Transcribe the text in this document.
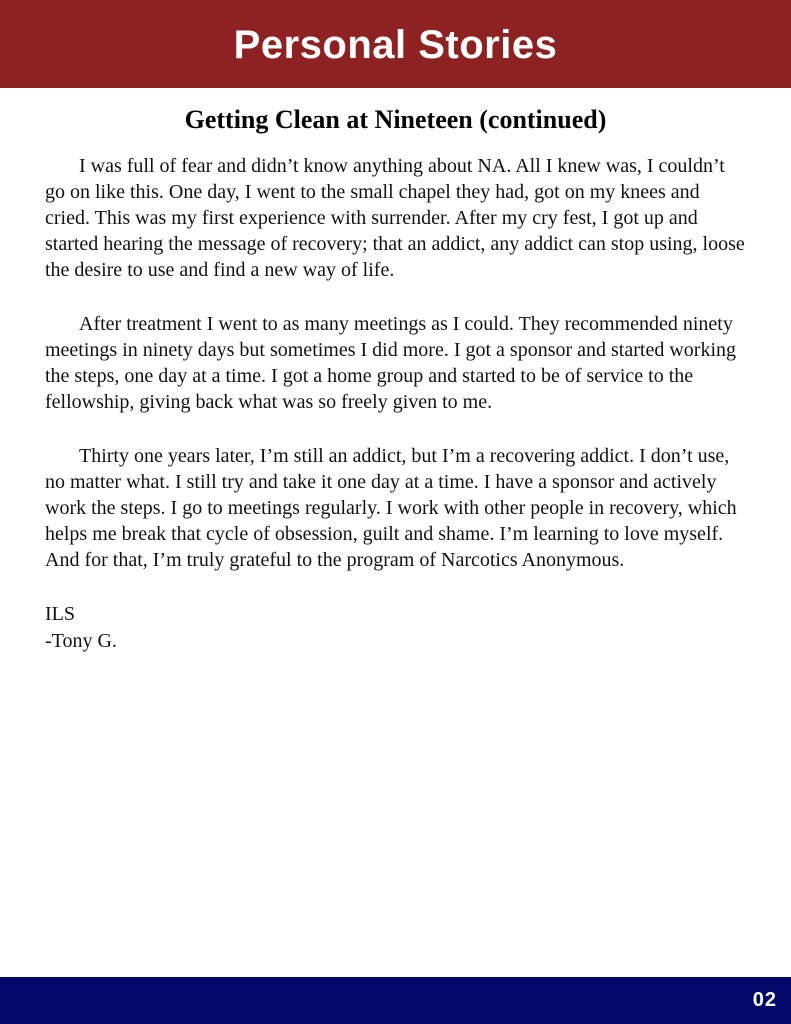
Personal Stories
Getting Clean at Nineteen (continued)

I was full of fear and didn’t know anything about NA. All I knew was, I couldn’t go on like this. One day, I went to the small chapel they had, got on my knees and cried. This was my first experience with surrender. After my cry fest, I got up and started hearing the message of recovery; that an addict, any addict can stop using, loose the desire to use and find a new way of life.

After treatment I went to as many meetings as I could. They recommended ninety meetings in ninety days but sometimes I did more. I got a sponsor and started working the steps, one day at a time. I got a home group and started to be of service to the fellowship, giving back what was so freely given to me.

Thirty one years later, I’m still an addict, but I’m a recovering addict. I don’t use, no matter what. I still try and take it one day at a time. I have a sponsor and actively work the steps. I go to meetings regularly. I work with other people in recovery, which helps me break that cycle of obsession, guilt and shame. I’m learning to love myself. And for that, I’m truly grateful to the program of Narcotics Anonymous.

ILS
-Tony G.
02
